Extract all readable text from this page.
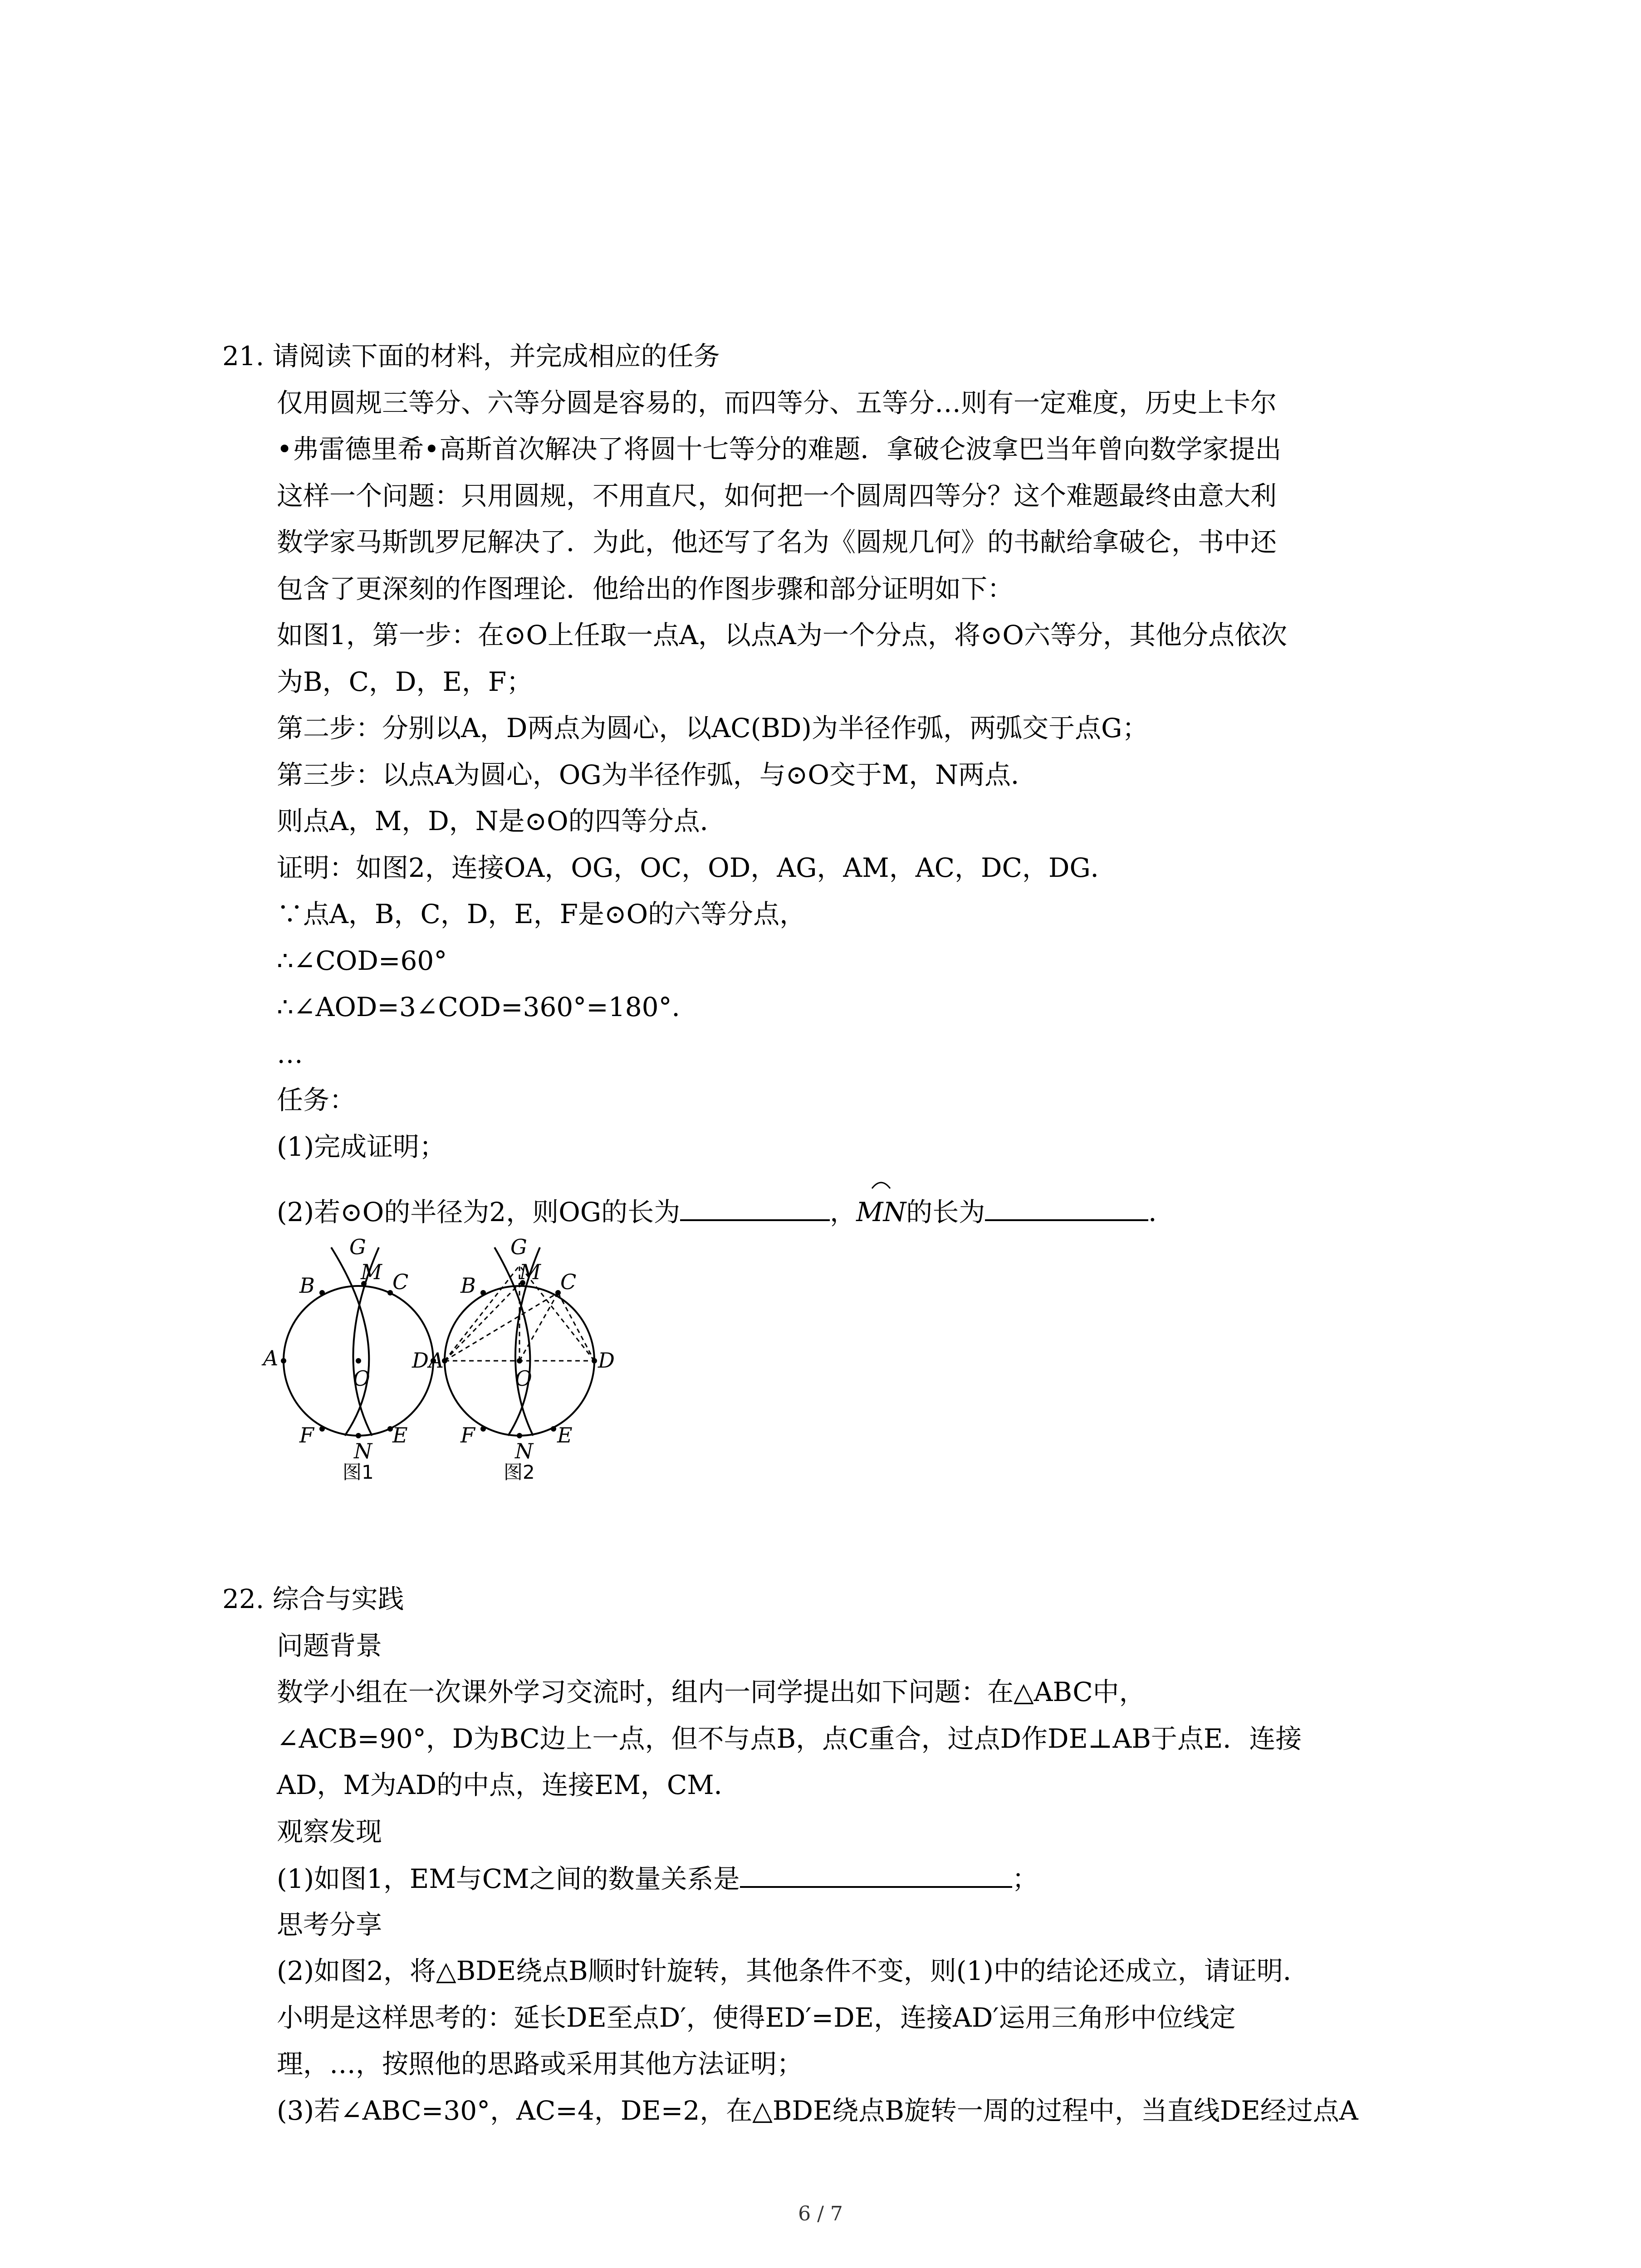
21. 请阅读下面的材料，并完成相应的任务
仅用圆规三等分、六等分圆是容易的，而四等分、五等分…则有一定难度，历史上卡尔
•弗雷德里希•高斯首次解决了将圆十七等分的难题．拿破仑波拿巴当年曾向数学家提出
这样一个问题：只用圆规，不用直尺，如何把一个圆周四等分？这个难题最终由意大利
数学家马斯凯罗尼解决了．为此，他还写了名为《圆规几何》的书献给拿破仑，书中还
包含了更深刻的作图理论．他给出的作图步骤和部分证明如下：
如图1，第一步：在⊙O上任取一点A，以点A为一个分点，将⊙O六等分，其他分点依次
为B，C，D，E，F；
第二步：分别以A，D两点为圆心，以AC(BD)为半径作弧，两弧交于点G；
第三步：以点A为圆心，OG为半径作弧，与⊙O交于M，N两点．
则点A，M，D，N是⊙O的四等分点．
证明：如图2，连接OA，OG，OC，OD，AG，AM，AC，DC，DG．
∵点A，B，C，D，E，F是⊙O的六等分点，
∴∠COD=60°
∴∠AOD=3∠COD=360°=180°．
…
任务：
(1)完成证明；
(2)若⊙O的半径为2，则OG的长为	，
MN的长为	．
G
B
M C
A
O
F
N
E
图1
G
B
M C
DA
O
D
F
N
E
图2
22. 综合与实践
问题背景
数学小组在一次课外学习交流时，组内一同学提出如下问题：在△ABC中，
∠ACB=90°，D为BC边上一点，但不与点B，点C重合，过点D作DE⊥AB于点E．连接
AD，M为AD的中点，连接EM，CM．
观察发现
(1)如图1，EM与CM之间的数量关系是	；
思考分享
(2)如图2，将△BDE绕点B顺时针旋转，其他条件不变，则(1)中的结论还成立，请证明．
小明是这样思考的：延长DE至点D′，使得ED′=DE，连接AD′运用三角形中位线定
理，…，按照他的思路或采用其他方法证明；
(3)若∠ABC=30°，AC=4，DE=2，在△BDE绕点B旋转一周的过程中，当直线DE经过点A
6 / 7
